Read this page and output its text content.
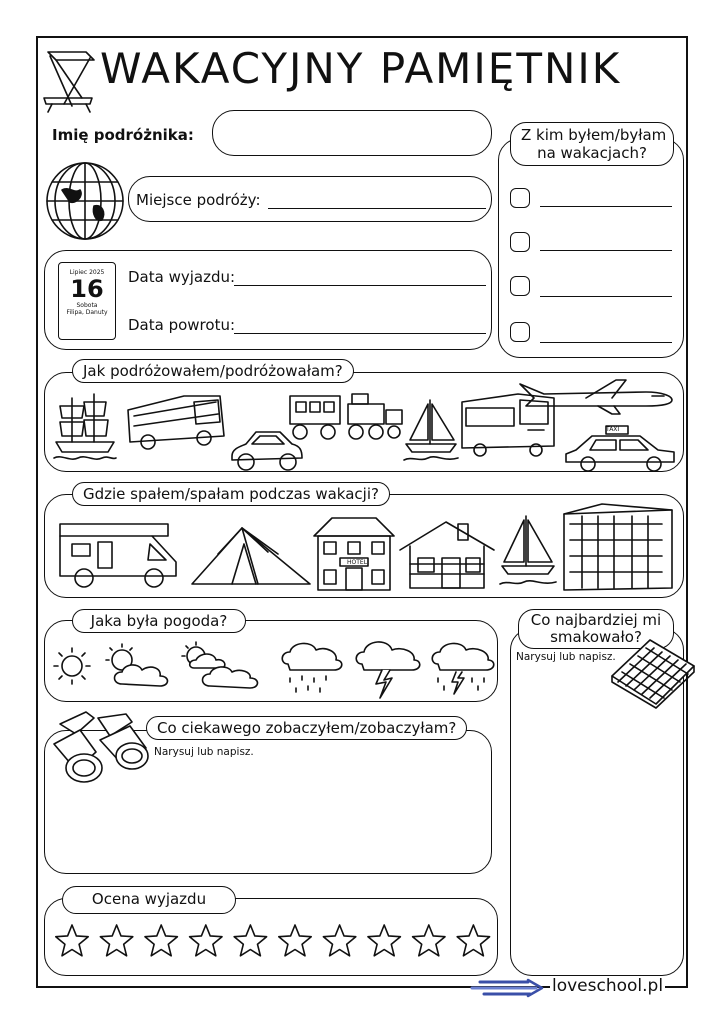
WAKACYJNY PAMIĘTNIK
Imię podróżnika:
Miejsce podróży:
Lipiec 2025
16
Sobota
Filipa, Danuty
Data wyjazdu:
Data powrotu:
Z kim byłem/byłam
na wakacjach?
Jak podróżowałem/podróżowałam?
TAXI
Gdzie spałem/spałam podczas wakacji?
HOTEL
Jaka była pogoda?	Co najbardziej mi
smakowało?
Narysuj lub napisz.
Co ciekawego zobaczyłem/zobaczyłam?
Narysuj lub napisz.
Ocena wyjazdu
loveschool.pl
